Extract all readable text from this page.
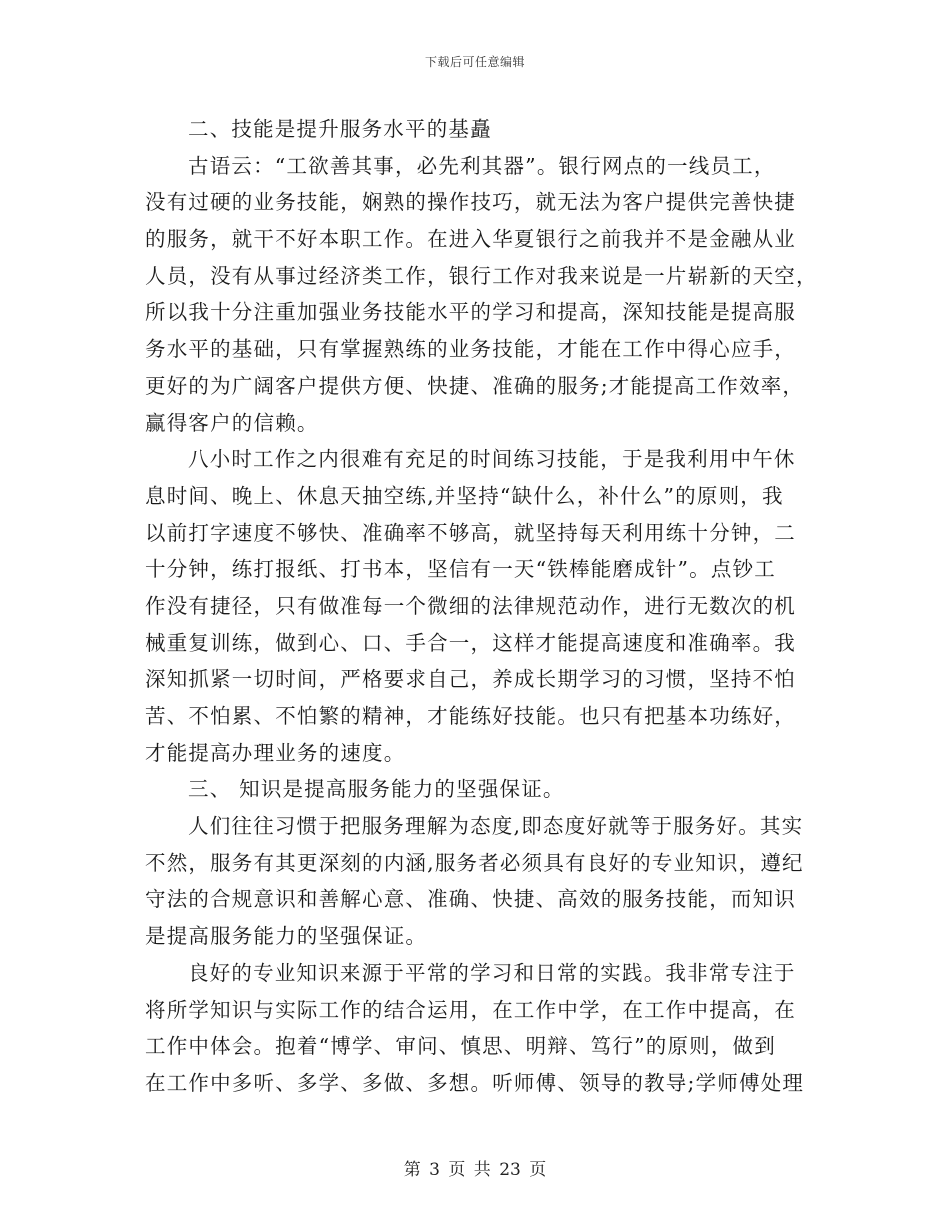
下载后可任意编辑
二、技能是提升服务水平的基矗
古语云：“工欲善其事，必先利其器”。银行网点的一线员工，
没有过硬的业务技能，娴熟的操作技巧，就无法为客户提供完善快捷
的服务，就干不好本职工作。在进入华夏银行之前我并不是金融从业
人员，没有从事过经济类工作，银行工作对我来说是一片崭新的天空，
所以我十分注重加强业务技能水平的学习和提高，深知技能是提高服
务水平的基础，只有掌握熟练的业务技能，才能在工作中得心应手，
更好的为广阔客户提供方便、快捷、准确的服务;才能提高工作效率，
赢得客户的信赖。
八小时工作之内很难有充足的时间练习技能，于是我利用中午休
息时间、晚上、休息天抽空练,并坚持“缺什么，补什么”的原则，我
以前打字速度不够快、准确率不够高，就坚持每天利用练十分钟，二
十分钟，练打报纸、打书本，坚信有一天“铁棒能磨成针”。点钞工
作没有捷径，只有做准每一个微细的法律规范动作，进行无数次的机
械重复训练，做到心、口、手合一，这样才能提高速度和准确率。我
深知抓紧一切时间，严格要求自己，养成长期学习的习惯，坚持不怕
苦、不怕累、不怕繁的精神，才能练好技能。也只有把基本功练好，
才能提高办理业务的速度。
三、 知识是提高服务能力的坚强保证。
人们往往习惯于把服务理解为态度,即态度好就等于服务好。其实
不然，服务有其更深刻的内涵,服务者必须具有良好的专业知识，遵纪
守法的合规意识和善解心意、准确、快捷、高效的服务技能，而知识
是提高服务能力的坚强保证。
良好的专业知识来源于平常的学习和日常的实践。我非常专注于
将所学知识与实际工作的结合运用，在工作中学，在工作中提高，在
工作中体会。抱着“博学、审问、慎思、明辩、笃行”的原则，做到
在工作中多听、多学、多做、多想。听师傅、领导的教导;学师傅处理
第 3 页 共 23 页
